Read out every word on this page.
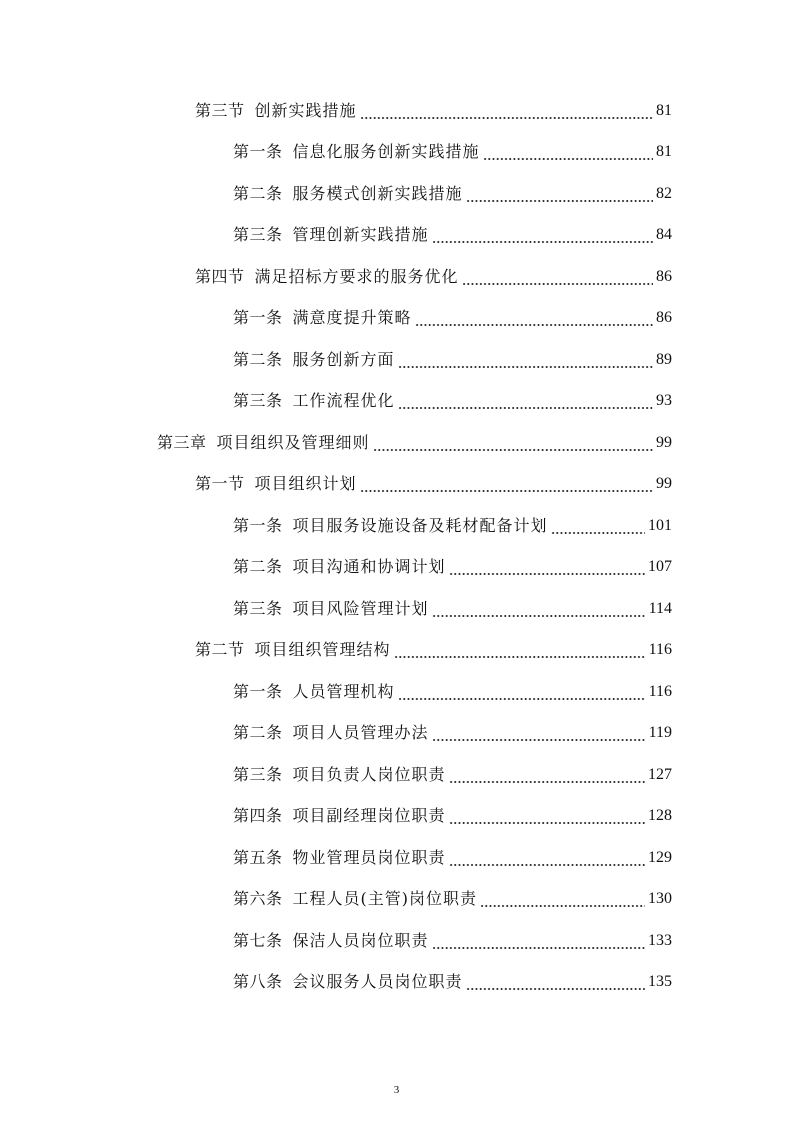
第三节 创新实践措施	81
第一条 信息化服务创新实践措施	81
第二条 服务模式创新实践措施	82
第三条 管理创新实践措施	84
第四节 满足招标方要求的服务优化	86
第一条 满意度提升策略	86
第二条 服务创新方面	89
第三条 工作流程优化	93
第三章 项目组织及管理细则	99
第一节 项目组织计划	99
第一条 项目服务设施设备及耗材配备计划	101
第二条 项目沟通和协调计划	107
第三条 项目风险管理计划	114
第二节 项目组织管理结构	116
第一条 人员管理机构	116
第二条 项目人员管理办法	119
第三条 项目负责人岗位职责	127
第四条 项目副经理岗位职责	128
第五条 物业管理员岗位职责	129
第六条 工程人员(主管)岗位职责	130
第七条 保洁人员岗位职责	133
第八条 会议服务人员岗位职责	135
3
